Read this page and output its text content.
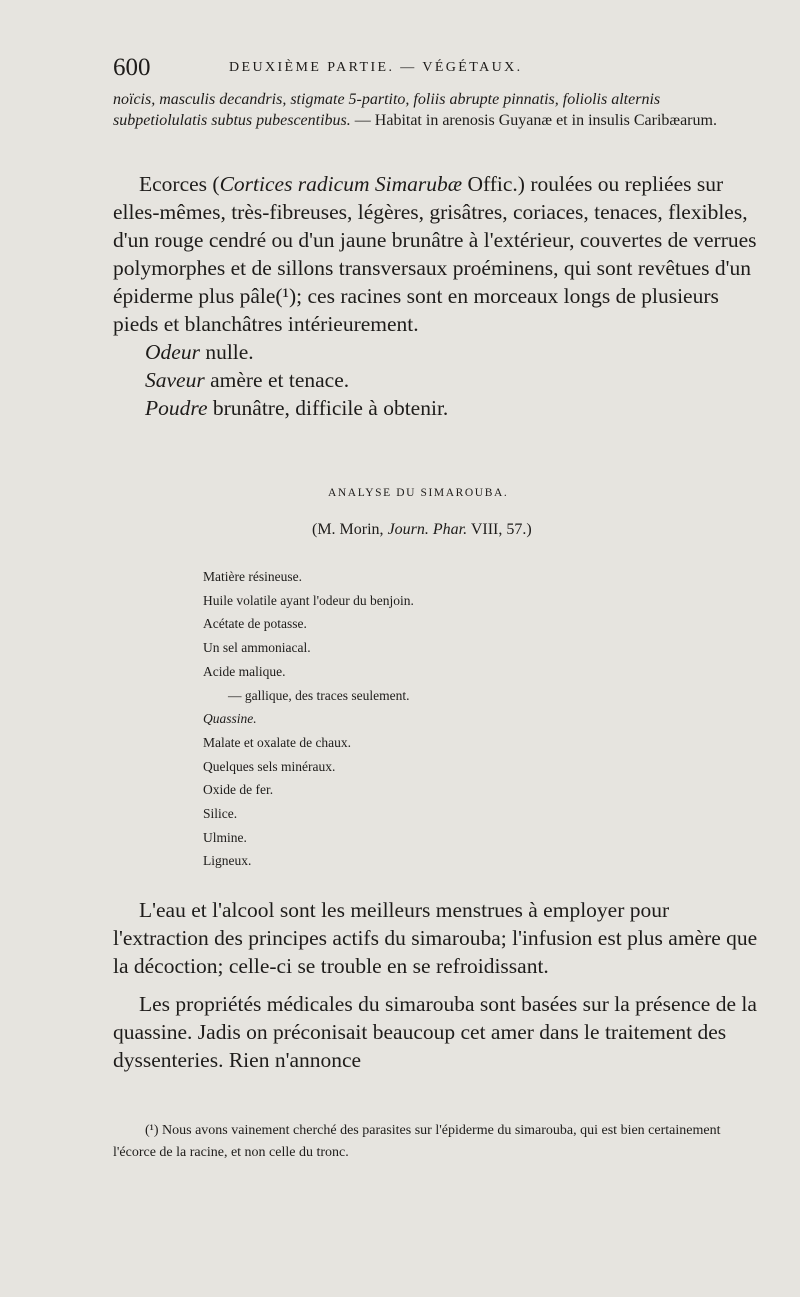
600	DEUXIÈME PARTIE. — VÉGÉTAUX.

noïcis, masculis decandris, stigmate 5-partito, foliis abrupte pinnatis, foliolis alternis subpetiolulatis subtus pubescentibus. — Habitat in arenosis Guyanæ et in insulis Caribæarum.

Ecorces (Cortices radicum Simarubæ Offic.) roulées ou repliées sur elles-mêmes, très-fibreuses, légères, grisâtres, coriaces, tenaces, flexibles, d'un rouge cendré ou d'un jaune brunâtre à l'extérieur, couvertes de verrues polymorphes et de sillons transversaux proéminens, qui sont revêtues d'un épiderme plus pâle(¹); ces racines sont en morceaux longs de plusieurs pieds et blanchâtres intérieurement.

Odeur nulle.

Saveur amère et tenace.

Poudre brunâtre, difficile à obtenir.

ANALYSE DU SIMAROUBA.
(M. Morin, Journ. Phar. VIII, 57.)
Matière résineuse.
Huile volatile ayant l'odeur du benjoin.
Acétate de potasse.
Un sel ammoniacal.
Acide malique.
— gallique, des traces seulement.
Quassine.
Malate et oxalate de chaux.
Quelques sels minéraux.
Oxide de fer.
Silice.
Ulmine.
Ligneux.

L'eau et l'alcool sont les meilleurs menstrues à employer pour l'extraction des principes actifs du simarouba; l'infusion est plus amère que la décoction; celle-ci se trouble en se refroidissant.

Les propriétés médicales du simarouba sont basées sur la présence de la quassine. Jadis on préconisait beaucoup cet amer dans le traitement des dyssenteries. Rien n'annonce

(¹) Nous avons vainement cherché des parasites sur l'épiderme du simarouba, qui est bien certainement l'écorce de la racine, et non celle du tronc.
